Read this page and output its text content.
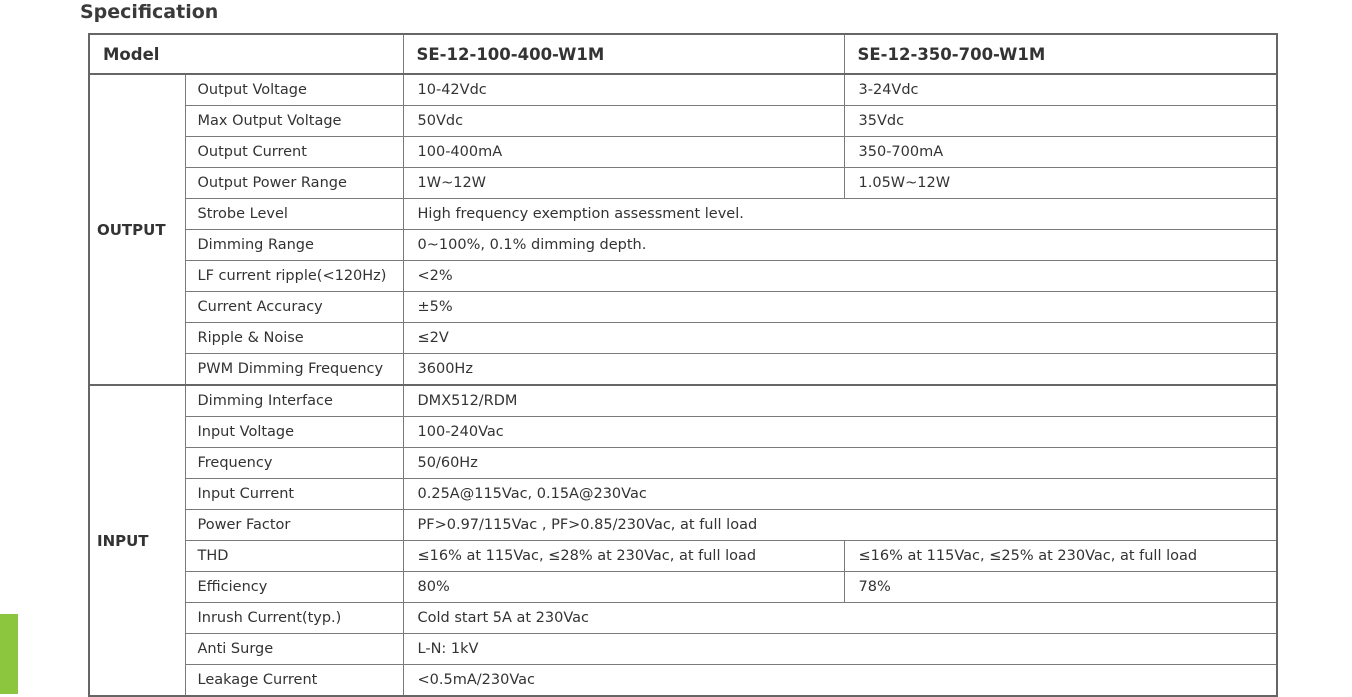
Specification
Model		SE-12-100-400-W1M	SE-12-350-700-W1M
OUTPUT	Output Voltage	10-42Vdc	3-24Vdc
	Max Output Voltage	50Vdc	35Vdc
	Output Current	100-400mA	350-700mA
	Output Power Range	1W~12W	1.05W~12W
	Strobe Level	High frequency exemption assessment level.	
	Dimming Range	0~100%, 0.1% dimming depth.	
	LF current ripple(<120Hz)	<2%	
	Current Accuracy	±5%	
	Ripple & Noise	≤2V	
	PWM Dimming Frequency	3600Hz	
INPUT	Dimming Interface	DMX512/RDM	
	Input Voltage	100-240Vac	
	Frequency	50/60Hz	
	Input Current	0.25A@115Vac, 0.15A@230Vac	
	Power Factor	PF>0.97/115Vac , PF>0.85/230Vac, at full load	
	THD	≤16% at 115Vac, ≤28% at 230Vac, at full load	≤16% at 115Vac, ≤25% at 230Vac, at full load
	Efficiency	80%	78%
	Inrush Current(typ.)	Cold start 5A at 230Vac	
	Anti Surge	L-N: 1kV	
	Leakage Current	<0.5mA/230Vac	
